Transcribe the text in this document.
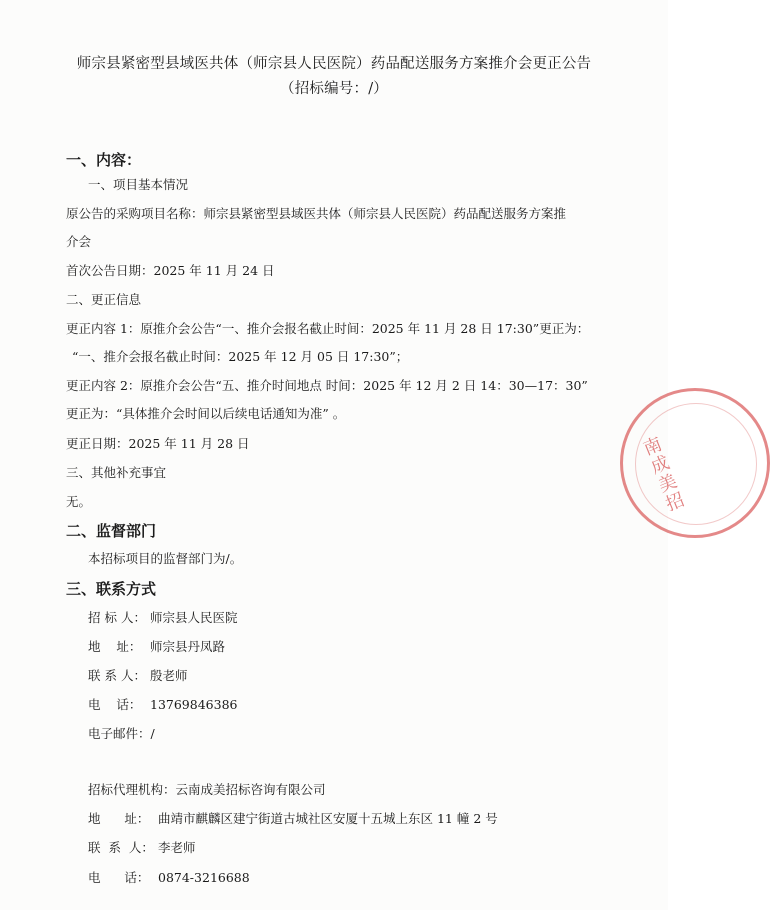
师宗县紧密型县域医共体（师宗县人民医院）药品配送服务方案推介会更正公告
（招标编号：/）
一、内容：
一、项目基本情况
原公告的采购项目名称：师宗县紧密型县域医共体（师宗县人民医院）药品配送服务方案推
介会
首次公告日期：2025 年 11 月 24 日
二、更正信息
更正内容 1：原推介会公告“一、推介会报名截止时间：2025 年 11 月 28 日 17:30”更正为：
“一、推介会报名截止时间：2025 年 12 月 05 日 17:30”；
更正内容 2：原推介会公告“五、推介时间地点 时间：2025 年 12 月 2 日 14：30—17：30”
更正为：“具体推介会时间以后续电话通知为准” 。
更正日期：2025 年 11 月 28 日
三、其他补充事宜
无。
二、监督部门
本招标项目的监督部门为/。
三、联系方式
招 标 人： 师宗县人民医院
地    址： 师宗县丹凤路
联 系 人： 殷老师
电    话： 13769846386
电子邮件：/
招标代理机构：云南成美招标咨询有限公司
地      址： 曲靖市麒麟区建宁街道古城社区安厦十五城上东区 11 幢 2 号
联  系  人： 李老师
电      话： 0874-3216688
南成美招
